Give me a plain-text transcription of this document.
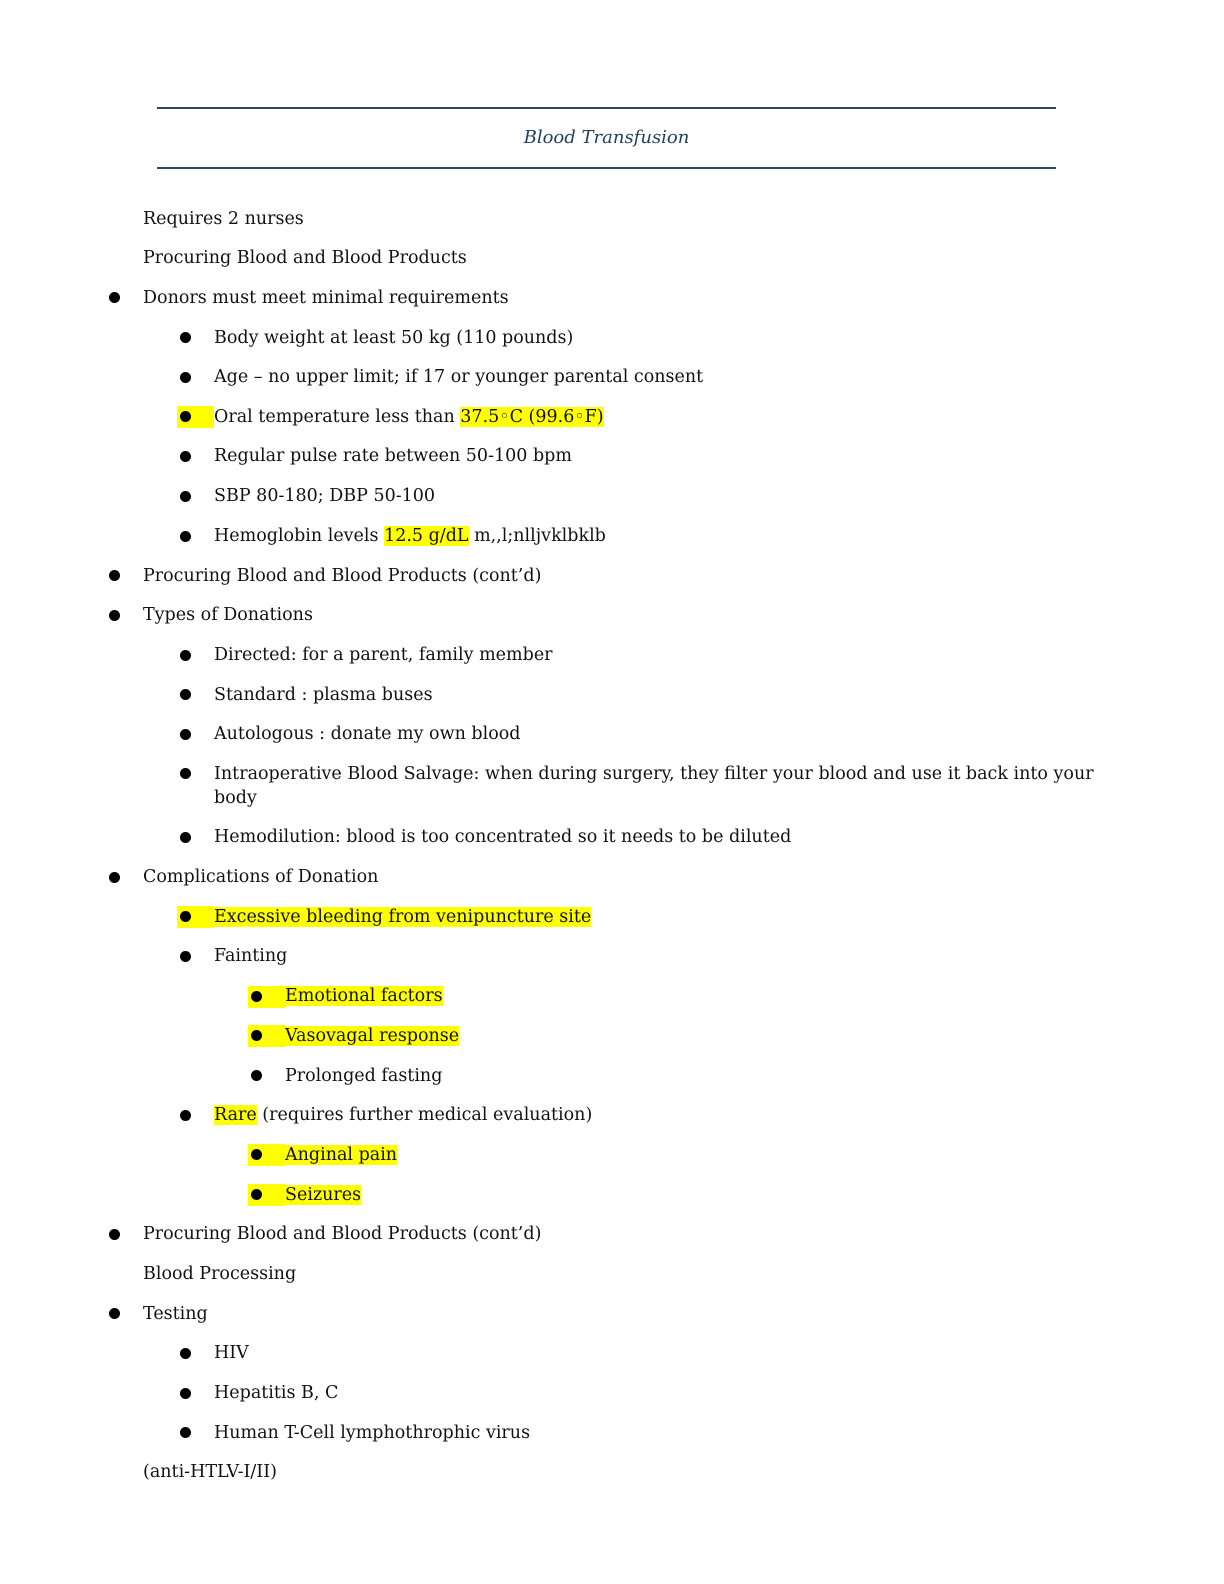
Blood Transfusion
Requires 2 nurses
Procuring Blood and Blood Products
Donors must meet minimal requirements
Body weight at least 50 kg (110 pounds)
Age – no upper limit; if 17 or younger parental consent
Oral temperature less than 37.5◦C (99.6◦F)
Regular pulse rate between 50-100 bpm
SBP 80-180; DBP 50-100
Hemoglobin levels 12.5 g/dL m,,l;nlljvklbklb
Procuring Blood and Blood Products (cont’d)
Types of Donations
Directed: for a parent, family member
Standard : plasma buses
Autologous : donate my own blood
Intraoperative Blood Salvage: when during surgery, they filter your blood and use it back into your body
Hemodilution: blood is too concentrated so it needs to be diluted
Complications of Donation
Excessive bleeding from venipuncture site
Fainting
Emotional factors
Vasovagal response
Prolonged fasting
Rare (requires further medical evaluation)
Anginal pain
Seizures
Procuring Blood and Blood Products (cont’d)
Blood Processing
Testing
HIV
Hepatitis B, C
Human T-Cell lymphothrophic virus
(anti-HTLV-I/II)
